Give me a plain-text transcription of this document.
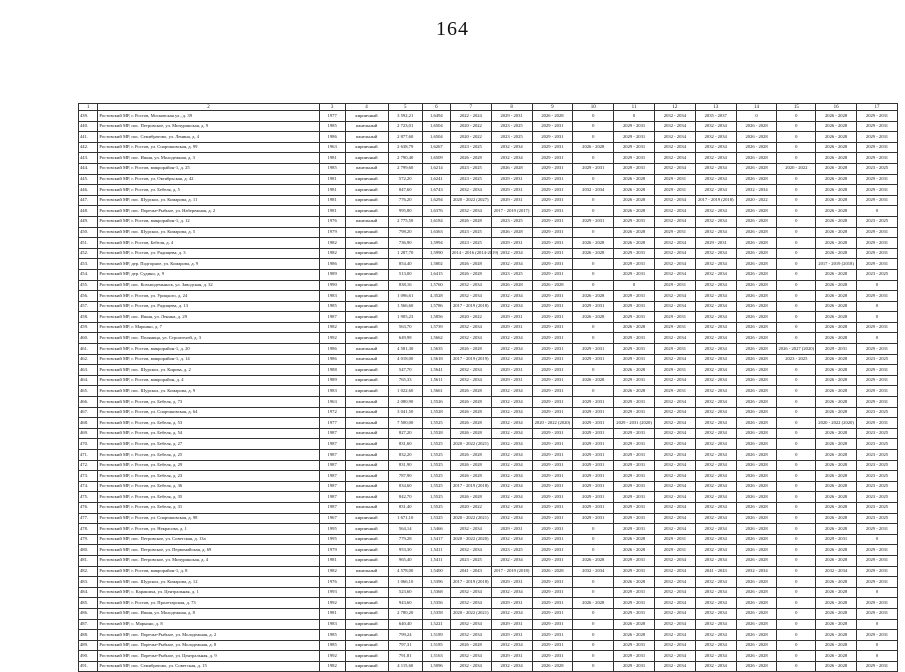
164
1	2	3	4	5	6	7	8	9	10	11	12	13	14	15	16	17
439.	Ростовский МР, г. Ростов, Московская ул., д. 39	1977	кирпичный	3 592,21	1,6494	2022 - 2024	2029 - 2031	2026 - 2028	0	0	2032 - 2034	2035 - 2037	0	0	2026 - 2028	2029 - 2031
440.	Ростовский МР, пос. Петровское, ул. Мичуринская, д. 9	1985	панельный	2 723,01	1,6504	2020 - 2022	2023 - 2025	2029 - 2031	0	2029 - 2031	2032 - 2034	2032 - 2034	2026 - 2028	0	2026 - 2028	2029 - 2031
441.	Ростовский МР, пос. Семибратово, ул. Ленина, д. 4	1986	панельный	2 877,60	1,6504	2020 - 2022	2023 - 2025	2029 - 2031	0	2029 - 2031	2032 - 2034	2032 - 2034	2026 - 2028	0	2026 - 2028	2029 - 2031
442.	Ростовский МР, г. Ростов, ул. Спартаковская, д. 99	1963	кирпичный	2 638,79	1,6267	2023 - 2025	2032 - 2034	2029 - 2031	2026 - 2028	2029 - 2031	2032 - 2034	2032 - 2034	2026 - 2028	0	2026 - 2028	2029 - 2031
443.	Ростовский МР, пос. Ишня, ул. Молодежная, д. 3	1981	кирпичный	2 790,40	1,6509	2026 - 2028	2032 - 2034	2029 - 2031	0	2029 - 2031	2032 - 2034	2032 - 2034	2026 - 2028	0	2026 - 2028	2029 - 2031
444.	Ростовский МР, г. Ростов, микрорайон-1, д. 25	1985	панельный	2 799,60	1,6214	2023 - 2025	2026 - 2028	2029 - 2031	2029 - 2031	2029 - 2031	2032 - 2034	2032 - 2034	2026 - 2028	2020 - 2022	2026 - 2028	2023 - 2025
445.	Ростовский МР, г. Ростов, ул. Октябрьская, д. 42	1981	кирпичный	572,20	1,6241	2023 - 2025	2029 - 2031	2029 - 2031	0	2026 - 2028	2029 - 2031	2032 - 2034	2026 - 2028	0	2026 - 2028	2029 - 2031
446.	Ростовский МР, г. Ростов, ул. Бебеля, д. 5	1981	кирпичный	847,60	1,6743	2032 - 2034	2029 - 2031	2029 - 2031	2032 - 2034	2026 - 2028	2029 - 2031	2032 - 2034	2032 - 2034	0	2026 - 2028	2029 - 2031
447.	Ростовский МР, пос. Шурскол, ул. Комарова, д. 11	1981	кирпичный	776,20	1,6294	2020 - 2022 (2027)	2029 - 2031	2029 - 2031	0	2026 - 2028	2032 - 2034	2017 - 2019 (2018)	2020 - 2022	0	2026 - 2028	2029 - 2031
448.	Ростовский МР, пос. Поречье-Рыбное, ул. Набережная, д. 2	1981	кирпичный	995,80	1,6376	2032 - 2034	2017 - 2019 (2017)	2029 - 2031	0	2026 - 2028	2032 - 2034	2032 - 2034	2026 - 2028	0	2026 - 2028	0
449.	Ростовский МР, г. Ростов, микрорайон-1, д. 12	1976	панельный	2 775,50	1,6184	2026 - 2028	2023 - 2025	2029 - 2031	2029 - 2031	2029 - 2031	2032 - 2034	2032 - 2034	2026 - 2028	0	2026 - 2028	2023 - 2025
450.	Ростовский МР, пос. Шурскол, ул. Комарова, д. 5	1979	кирпичный	798,20	1,6363	2023 - 2025	2026 - 2028	2029 - 2031	0	2026 - 2028	2029 - 2031	2032 - 2034	2026 - 2028	0	2026 - 2028	2029 - 2031
451.	Ростовский МР, г. Ростов, Бебеля, д. 4	1982	кирпичный	736,90	1,5994	2023 - 2025	2029 - 2031	2029 - 2031	2026 - 2028	2026 - 2028	2032 - 2034	2029 - 2031	2026 - 2028	0	2026 - 2028	2029 - 2031
452.	Ростовский МР, г. Ростов, ул. Радищева, д. 3	1982	кирпичный	1 287,70	1,5990	2014 - 2016 (2014-2019)	2032 - 2034	2029 - 2031	2026 - 2028	2029 - 2031	2032 - 2034	2032 - 2034	2026 - 2028	0	2026 - 2028	2029 - 2031
453.	Ростовский МР, дер. Подгорное, ул. Комарова, д. 9	1986	кирпичный	854,40	1,5802	2026 - 2028	2032 - 2034	2029 - 2031	0	2029 - 2031	2032 - 2034	2032 - 2034	2026 - 2028	0	2017 - 2019 (2018)	2029 - 2031
454.	Ростовский МР, дер. Судино, д. 9	1989	кирпичный	513,00	1,6415	2026 - 2028	2023 - 2025	2029 - 2031	0	2029 - 2031	2032 - 2034	2032 - 2034	2026 - 2028	0	2026 - 2028	2023 - 2025
455.	Ростовский МР, пос. Козьмодемьянск, ул. Заводская, д. 32	1990	кирпичный	838,16	1,5760	2032 - 2034	2026 - 2028	2026 - 2028	0	0	2029 - 2031	2032 - 2034	2026 - 2028	0	2026 - 2028	0
456.	Ростовский МР, г. Ростов, ул. Урицкого, д. 24	1983	кирпичный	1 096,61	4,3528	2032 - 2034	2032 - 2034	2029 - 2031	2026 - 2028	2029 - 2031	2032 - 2034	2032 - 2034	2026 - 2028	0	2026 - 2028	2029 - 2031
457.	Ростовский МР, г. Ростов, ул. Радищева, д. 13	1985	кирпичный	1 566,60	1,5786	2017 - 2019 (2018)	2032 - 2034	2029 - 2031	2029 - 2031	2029 - 2031	2032 - 2034	2032 - 2034	2026 - 2028	0	2026 - 2028	0
458.	Ростовский МР, пос. Ишня, ул. Ленина, д. 29	1987	кирпичный	1 905,23	1,5856	2020 - 2022	2029 - 2031	2029 - 2031	2026 - 2028	2029 - 2031	2029 - 2031	2032 - 2034	2026 - 2028	0	2026 - 2028	0
459.	Ростовский МР, г. Марьино, д. 7	1982	кирпичный	563,70	1,5739	2032 - 2034	2029 - 2031	2029 - 2031	0	2026 - 2028	2029 - 2031	2032 - 2034	2026 - 2028	0	2026 - 2028	2029 - 2031
460.	Ростовский МР, пос. Поляница, ул. Строителей, д. 3	1992	кирпичный	649,98	1,5662	2032 - 2034	2032 - 2034	2029 - 2031	0	2029 - 2031	2032 - 2034	2032 - 2034	2026 - 2028	0	2026 - 2028	0
461.	Ростовский МР, г. Ростов, микрорайон-1, д. 20	1986	панельный	4 581,30	1,5635	2026 - 2028	2032 - 2034	2029 - 2031	2029 - 2031	2029 - 2031	2029 - 2031	2032 - 2034	2026 - 2028	2026 - 2027 (2020)	2029 - 2031	2029 - 2031
462.	Ростовский МР, г. Ростов, микрорайон-1, д. 14	1986	панельный	4 018,00	1,5618	2017 - 2019 (2019)	2032 - 2034	2029 - 2031	2029 - 2031	2029 - 2031	2032 - 2034	2032 - 2034	2026 - 2028	2023 - 2025	2026 - 2028	2023 - 2025
463.	Ростовский МР, пос. Шурскол, ул. Кирова, д. 2	1988	кирпичный	547,70	1,5641	2032 - 2034	2029 - 2031	2029 - 2031	0	2026 - 2028	2029 - 2031	2032 - 2034	2026 - 2028	0	2026 - 2028	2029 - 2031
464.	Ростовский МР, г. Ростов, микрорайон, д. 4	1989	кирпичный	765,33	1,5611	2032 - 2034	2029 - 2031	2029 - 2031	2026 - 2028	2029 - 2031	2032 - 2034	2032 - 2034	2026 - 2028	0	2026 - 2028	2029 - 2031
465.	Ростовский МР, пос. Шурскол, ул. Комарова, д. 9	1983	кирпичный	1 022,60	1,5661	2026 - 2028	2032 - 2034	2029 - 2031	0	2026 - 2028	2029 - 2031	2032 - 2034	2026 - 2028	0	2026 - 2028	2029 - 2031
466.	Ростовский МР, г. Ростов, ул. Бебеля, д. 73	1963	панельный	2 080,90	1,5526	2026 - 2028	2032 - 2034	2029 - 2031	2029 - 2031	2029 - 2031	2032 - 2034	2032 - 2034	2026 - 2028	0	2026 - 2028	2029 - 2031
467.	Ростовский МР, г. Ростов, ул. Спартаковская, д. 64	1972	панельный	3 041,50	1,5528	2026 - 2028	2032 - 2034	2029 - 2031	2029 - 2031	2029 - 2031	2032 - 2034	2032 - 2034	2026 - 2028	0	2026 - 2028	2023 - 2025
468.	Ростовский МР, г. Ростов, ул. Бебеля, д. 53	1977	панельный	7 500,00	1,5525	2026 - 2028	2032 - 2034	2020 - 2022 (2020)	2029 - 2031	2029 - 2031 (2020)	2032 - 2034	2032 - 2034	2026 - 2028	0	2020 - 2022 (2020)	2029 - 2031
469.	Ростовский МР, г. Ростов, ул. Бебеля, д. 54	1987	панельный	827,20	1,5528	2026 - 2028	2032 - 2034	2029 - 2031	2029 - 2031	2029 - 2031	2032 - 2034	2032 - 2034	2026 - 2028	0	2026 - 2028	2023 - 2025
470.	Ростовский МР, г. Ростов, ул. Бебеля, д. 27	1987	панельный	831,60	1,5525	2020 - 2022 (2021)	2032 - 2034	2029 - 2031	2029 - 2031	2029 - 2031	2032 - 2034	2032 - 2034	2026 - 2028	0	2026 - 2028	2023 - 2025
471.	Ростовский МР, г. Ростов, ул. Бебеля, д. 25	1987	панельный	832,20	1,5525	2026 - 2028	2032 - 2034	2029 - 2031	2029 - 2031	2029 - 2031	2032 - 2034	2032 - 2034	2026 - 2028	0	2026 - 2028	2023 - 2025
472.	Ростовский МР, г. Ростов, ул. Бебеля, д. 29	1987	панельный	831,90	1,5525	2026 - 2028	2032 - 2034	2029 - 2031	2029 - 2031	2029 - 2031	2032 - 2034	2032 - 2034	2026 - 2028	0	2026 - 2028	2023 - 2025
473.	Ростовский МР, г. Ростов, ул. Бебеля, д. 23	1987	панельный	787,90	1,5525	2026 - 2028	2032 - 2034	2029 - 2031	2029 - 2031	2029 - 2031	2032 - 2034	2032 - 2034	2026 - 2028	0	2026 - 2028	2023 - 2025
474.	Ростовский МР, г. Ростов, ул. Бебеля, д. 36	1987	панельный	834,60	1,5525	2017 - 2019 (2018)	2032 - 2034	2029 - 2031	2029 - 2031	2029 - 2031	2032 - 2034	2032 - 2034	2026 - 2028	0	2026 - 2028	2023 - 2025
475.	Ростовский МР, г. Ростов, ул. Бебеля, д. 35	1987	панельный	842,70	1,5525	2026 - 2028	2032 - 2034	2029 - 2031	2029 - 2031	2029 - 2031	2032 - 2034	2032 - 2034	2026 - 2028	0	2026 - 2028	2023 - 2025
476.	Ростовский МР, г. Ростов, ул. Бебеля, д. 31	1987	панельный	831,40	1,5525	2020 - 2022	2032 - 2034	2029 - 2031	2029 - 2031	2029 - 2031	2032 - 2034	2032 - 2034	2026 - 2028	0	2026 - 2028	2023 - 2025
477.	Ростовский МР, г. Ростов, ул. Спартаковская, д. 98	1967	кирпичный	1 671,10	1,5325	2020 - 2022 (2021)	2032 - 2034	2029 - 2031	2029 - 2031	2029 - 2031	2032 - 2034	2032 - 2034	2026 - 2028	0	2026 - 2028	2023 - 2025
478.	Ростовский МР, г. Ростов, ул. Некрасова, д. 1	1995	кирпичный	564,14	1,5466	2032 - 2034	2029 - 2031	2029 - 2031	0	2029 - 2031	2032 - 2034	2032 - 2034	2026 - 2028	0	2026 - 2028	2029 - 2031
479.	Ростовский МР, пос. Петровское, ул. Советская, д. 13а	1995	кирпичный	779,28	1,5417	2020 - 2022 (2020)	2032 - 2034	2029 - 2031	0	2026 - 2028	2029 - 2031	2032 - 2034	2026 - 2028	0	2029 - 2031	0
480.	Ростовский МР, пос. Петровское, ул. Первомайская, д. 69	1979	кирпичный	953,30	1,5411	2032 - 2034	2023 - 2025	2029 - 2031	0	2026 - 2028	2029 - 2031	2032 - 2034	2026 - 2028	0	2026 - 2028	2029 - 2031
481.	Ростовский МР, пос. Петровское, ул. Мичуринская, д. 4	1981	кирпичный	965,40	1,5411	2023 - 2025	2032 - 2034	2029 - 2031	2026 - 2028	2029 - 2031	2032 - 2034	2032 - 2034	2026 - 2028	0	2026 - 2028	2029 - 2031
482.	Ростовский МР, г. Ростов, микрорайон-1, д. 8	1982	панельный	4 578,00	1,5400	2041 - 2043	2017 - 2019 (2018)	2026 - 2028	2032 - 2034	2029 - 2031	2032 - 2034	2041 - 2043	2032 - 2034	0	2032 - 2034	2029 - 2031
483.	Ростовский МР, пос. Шурскол, ул. Комарова, д. 12	1976	кирпичный	1 066,10	1,5396	2017 - 2019 (2018)	2029 - 2031	2029 - 2031	0	2026 - 2028	2032 - 2034	2032 - 2034	2026 - 2028	0	2026 - 2028	2029 - 2031
484.	Ростовский МР, с. Карашиха, ул. Центральная, д. 1	1993	кирпичный	523,60	1,5368	2032 - 2034	2032 - 2034	2029 - 2031	0	2029 - 2031	2032 - 2034	2032 - 2034	2026 - 2028	0	2026 - 2028	0
485.	Ростовский МР, г. Ростов, ул. Пролетарская, д. 73	1992	кирпичный	943,60	1,5356	2032 - 2034	2029 - 2031	2029 - 2031	2026 - 2028	2029 - 2031	2032 - 2034	2032 - 2034	2026 - 2028	0	2026 - 2028	2029 - 2031
486.	Ростовский МР, пос. Ишня, ул. Молодежная, д. 8	1981	кирпичный	2 780,20	1,5358	2020 - 2022 (2021)	2032 - 2034	2029 - 2031	0	2029 - 2031	2032 - 2034	2032 - 2034	2026 - 2028	0	2026 - 2028	2029 - 2031
487.	Ростовский МР, с. Марьино, д. 8	1983	кирпичный	640,40	1,5221	2032 - 2034	2029 - 2031	2029 - 2031	0	2026 - 2028	2032 - 2034	2032 - 2034	2026 - 2028	0	2026 - 2028	0
488.	Ростовский МР, пос. Поречье-Рыбное, ул. Молодежная, д. 2	1985	кирпичный	799,24	1,5189	2032 - 2034	2029 - 2031	2029 - 2031	0	2026 - 2028	2032 - 2034	2032 - 2034	2026 - 2028	0	2026 - 2028	2029 - 2031
489.	Ростовский МР, пос. Поречье-Рыбное, ул. Молодежная, д. 8	1985	кирпичный	797,31	1,5185	2026 - 2028	2032 - 2034	2029 - 2031	0	2029 - 2031	2032 - 2034	2032 - 2034	2026 - 2028	0	2026 - 2028	0
490.	Ростовский МР, пос. Поречье-Рыбное, ул. Центральная, д. 9	1992	кирпичный	791,81	1,5163	2032 - 2034	2029 - 2031	2029 - 2031	0	2029 - 2031	2032 - 2034	2032 - 2034	2026 - 2028	0	2026 - 2028	0
491.	Ростовский МР, пос. Семибратово, ул. Советская, д. 15	1982	кирпичный	4 115,60	1,5096	2032 - 2034	2032 - 2034	2026 - 2028	0	2029 - 2031	2032 - 2034	2032 - 2034	2026 - 2028	0	2026 - 2028	2029 - 2031
